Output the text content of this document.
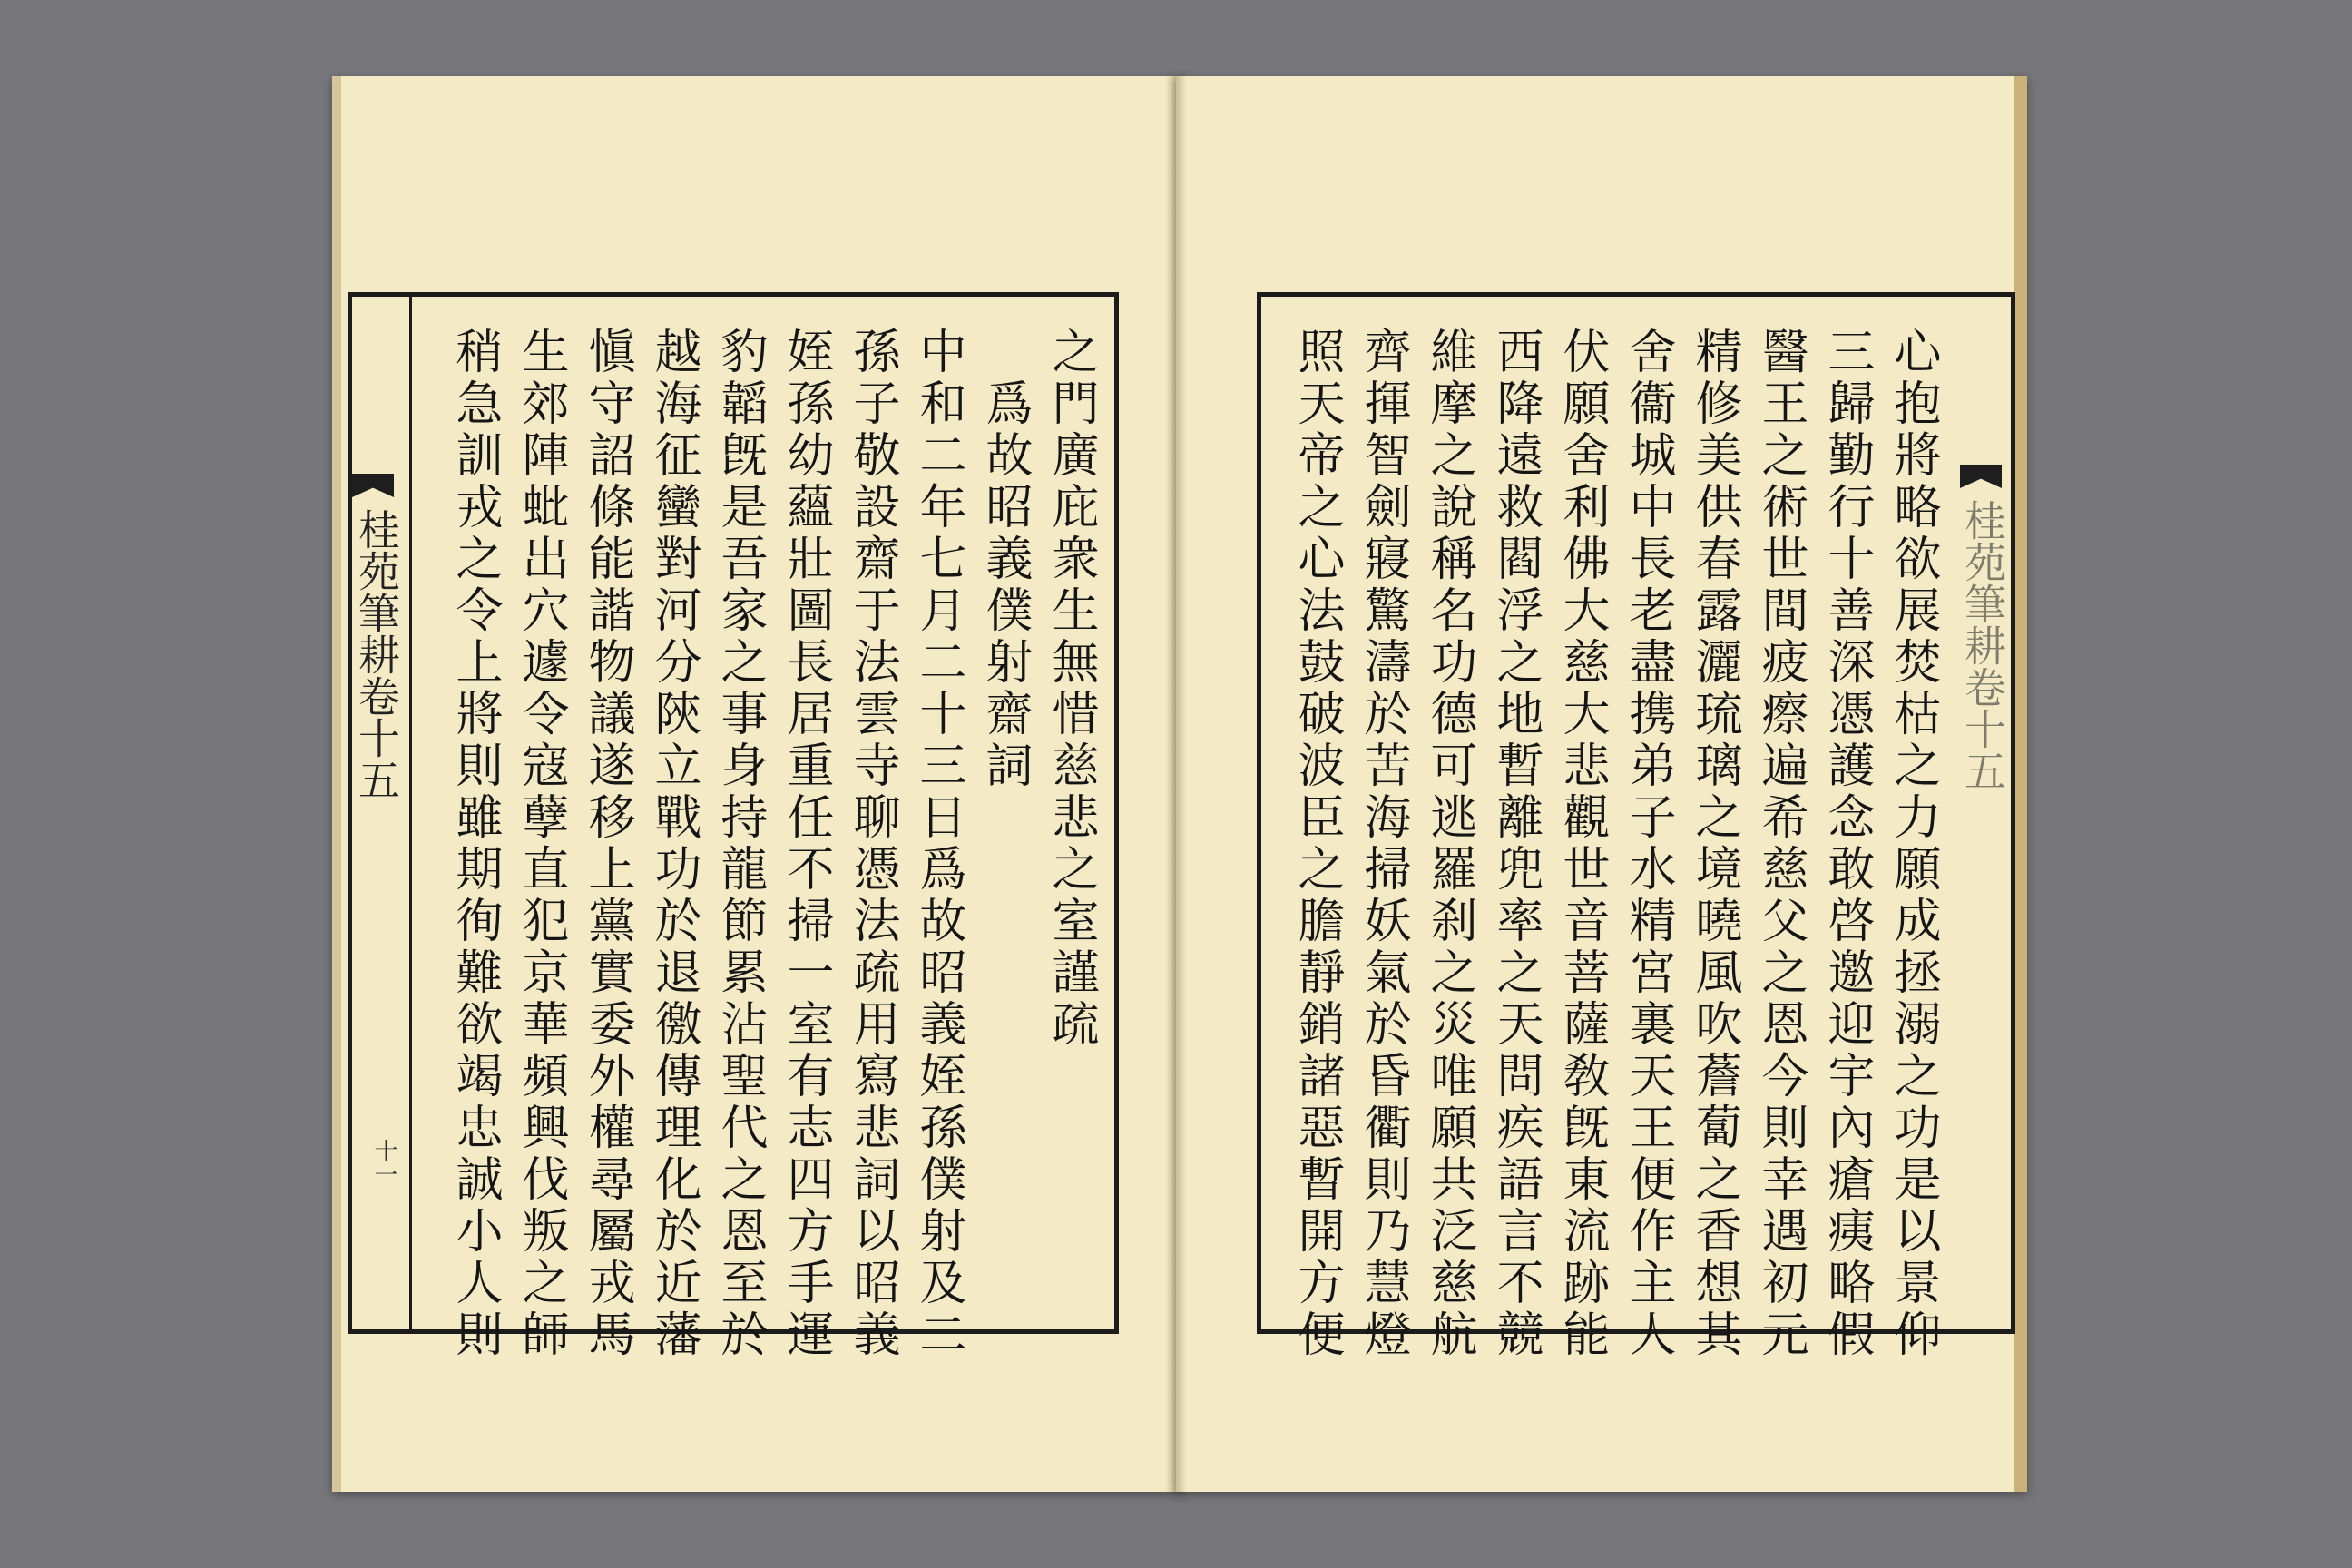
桂苑筆耕卷十五
十一
之門廣庇衆生無惜慈悲之室謹疏
　爲故昭義僕射齋詞
中和二年七月二十三日爲故昭義姪孫僕射及二
孫子敬設齋于法雲寺聊憑法疏用寫悲詞以昭義
姪孫幼蘊壯圖長居重任不掃一室有志四方手運
豹韜旣是吾家之事身持龍節累沾聖代之恩至於
越海征蠻對河分陝立戰功於退徼傳理化於近藩
愼守詔條能諧物議遂移上黨實委外權尋屬戎馬
生郊陣蚍出穴遽令寇孽直犯京華頻興伐叛之師
稍急訓戎之令上將則雖期徇難欲竭忠誠小人則	心抱將略欲展焚枯之力願成拯溺之功是以景仰
三歸勤行十善深憑護念敢啓邀迎宇內瘡痍略假
醫王之術世間疲瘵遍希慈父之恩今則幸遇初元
精修美供春露灑琉璃之境曉風吹薝蔔之香想其
舍衞城中長老盡携弟子水精宮裏天王便作主人
伏願舍利佛大慈大悲觀世音菩薩敎旣東流跡能
西降遠救閻浮之地暫離兜率之天問疾語言不競
維摩之說稱名功德可逃羅刹之災唯願共泛慈航
齊揮智劍寢驚濤於苦海掃妖氣於昏衢則乃慧燈
照天帝之心法鼓破波臣之膽靜銷諸惡暫開方便	桂苑筆耕卷十五
